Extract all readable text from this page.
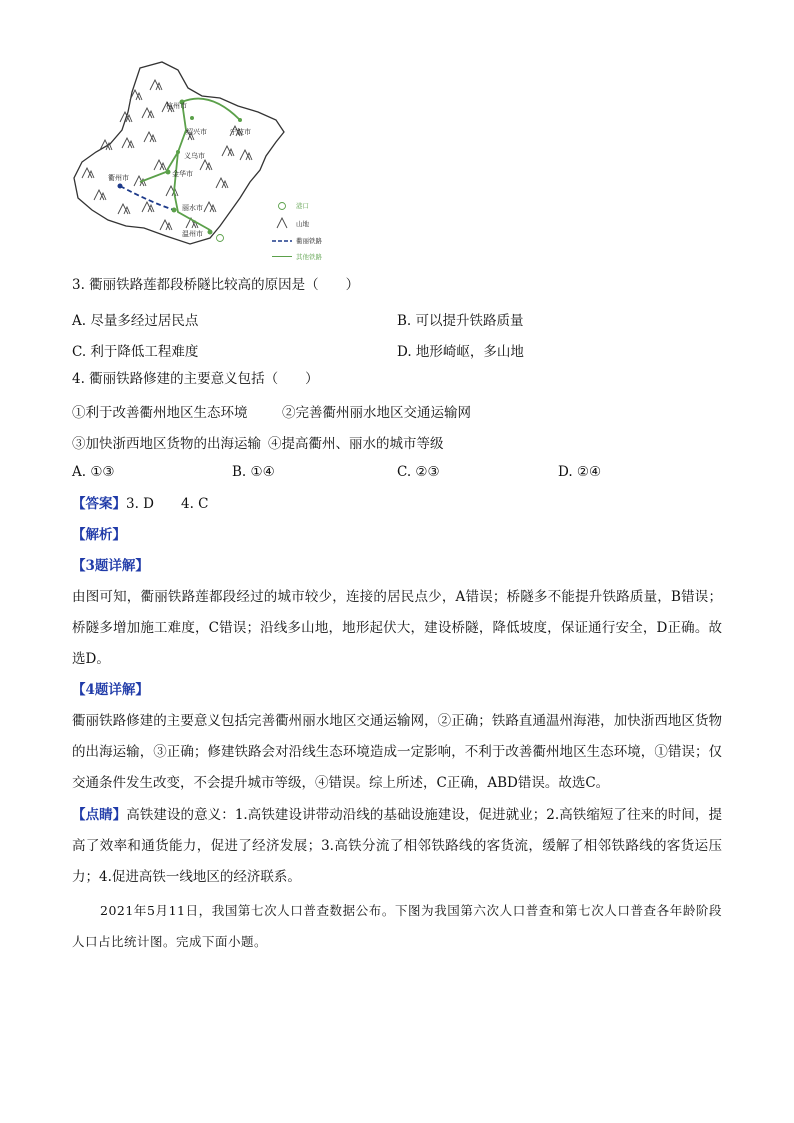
杭州市
绍兴市	宁波市
义乌市
金华市
衢州市
丽水市
温州市
港口
山地
衢丽铁路
其他铁路
3. 衢丽铁路莲都段桥隧比较高的原因是（　　）
A. 尽量多经过居民点	B. 可以提升铁路质量
C. 利于降低工程难度	D. 地形崎岖，多山地
4. 衢丽铁路修建的主要意义包括（　　）
①利于改善衢州地区生态环境	②完善衢州丽水地区交通运输网
③加快浙西地区货物的出海运输 ④提高衢州、丽水的城市等级
A. ①③	B. ①④	C. ②③	D. ②④
【答案】3. D　　4. C
【解析】
【3题详解】
由图可知，衢丽铁路莲都段经过的城市较少，连接的居民点少，A错误；桥隧多不能提升铁路质量，B错误；桥隧多增加施工难度，C错误；沿线多山地，地形起伏大，建设桥隧，降低坡度，保证通行安全，D正确。故选D。
【4题详解】
衢丽铁路修建的主要意义包括完善衢州丽水地区交通运输网，②正确；铁路直通温州海港，加快浙西地区货物的出海运输，③正确；修建铁路会对沿线生态环境造成一定影响，不利于改善衢州地区生态环境，①错误；仅交通条件发生改变，不会提升城市等级，④错误。综上所述，C正确，ABD错误。故选C。
【点睛】高铁建设的意义：1.高铁建设讲带动沿线的基础设施建设，促进就业；2.高铁缩短了往来的时间，提高了效率和通货能力，促进了经济发展；3.高铁分流了相邻铁路线的客货流，缓解了相邻铁路线的客货运压力；4.促进高铁一线地区的经济联系。
2021年5月11日，我国第七次人口普查数据公布。下图为我国第六次人口普查和第七次人口普查各年龄阶段人口占比统计图。完成下面小题。
